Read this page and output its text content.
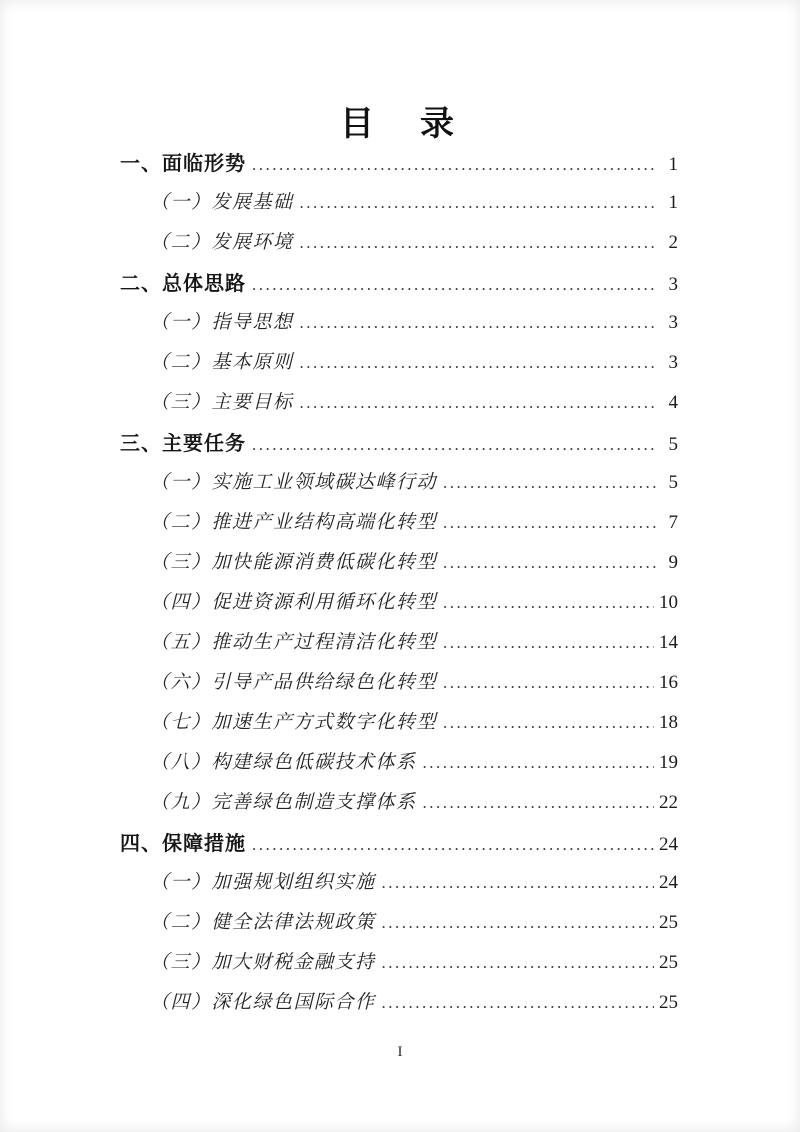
目　录
一、面临形势 .....	1
（一）发展基础 .....	1
（二）发展环境 .....	2
二、总体思路 .....	3
（一）指导思想 .....	3
（二）基本原则 .....	3
（三）主要目标 .....	4
三、主要任务 .....	5
（一）实施工业领域碳达峰行动 .....	5
（二）推进产业结构高端化转型 .....	7
（三）加快能源消费低碳化转型 .....	9
（四）促进资源利用循环化转型 .....	10
（五）推动生产过程清洁化转型 .....	14
（六）引导产品供给绿色化转型 .....	16
（七）加速生产方式数字化转型 .....	18
（八）构建绿色低碳技术体系 .....	19
（九）完善绿色制造支撑体系 .....	22
四、保障措施 .....	24
（一）加强规划组织实施 .....	24
（二）健全法律法规政策 .....	25
（三）加大财税金融支持 .....	25
（四）深化绿色国际合作 .....	25
I
